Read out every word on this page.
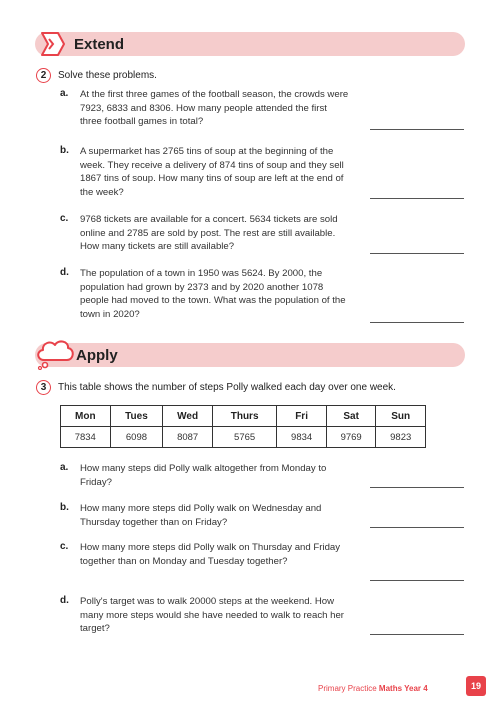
Extend
2	Solve these problems.
a. At the first three games of the football season, the crowds were 7923, 6833 and 8306. How many people attended the first three football games in total?
b. A supermarket has 2765 tins of soup at the beginning of the week. They receive a delivery of 874 tins of soup and they sell 1867 tins of soup. How many tins of soup are left at the end of the week?
c. 9768 tickets are available for a concert. 5634 tickets are sold online and 2785 are sold by post. The rest are still available. How many tickets are still available?
d. The population of a town in 1950 was 5624. By 2000, the population had grown by 2373 and by 2020 another 1078 people had moved to the town. What was the population of the town in 2020?
Apply
3	This table shows the number of steps Polly walked each day over one week.
Mon	Tues	Wed	Thurs	Fri	Sat	Sun
7834	6098	8087	5765	9834	9769	9823
a. How many steps did Polly walk altogether from Monday to Friday?
b. How many more steps did Polly walk on Wednesday and Thursday together than on Friday?
c. How many more steps did Polly walk on Thursday and Friday together than on Monday and Tuesday together?
d. Polly's target was to walk 20000 steps at the weekend. How many more steps would she have needed to walk to reach her target?
Primary Practice Maths Year 4	19
